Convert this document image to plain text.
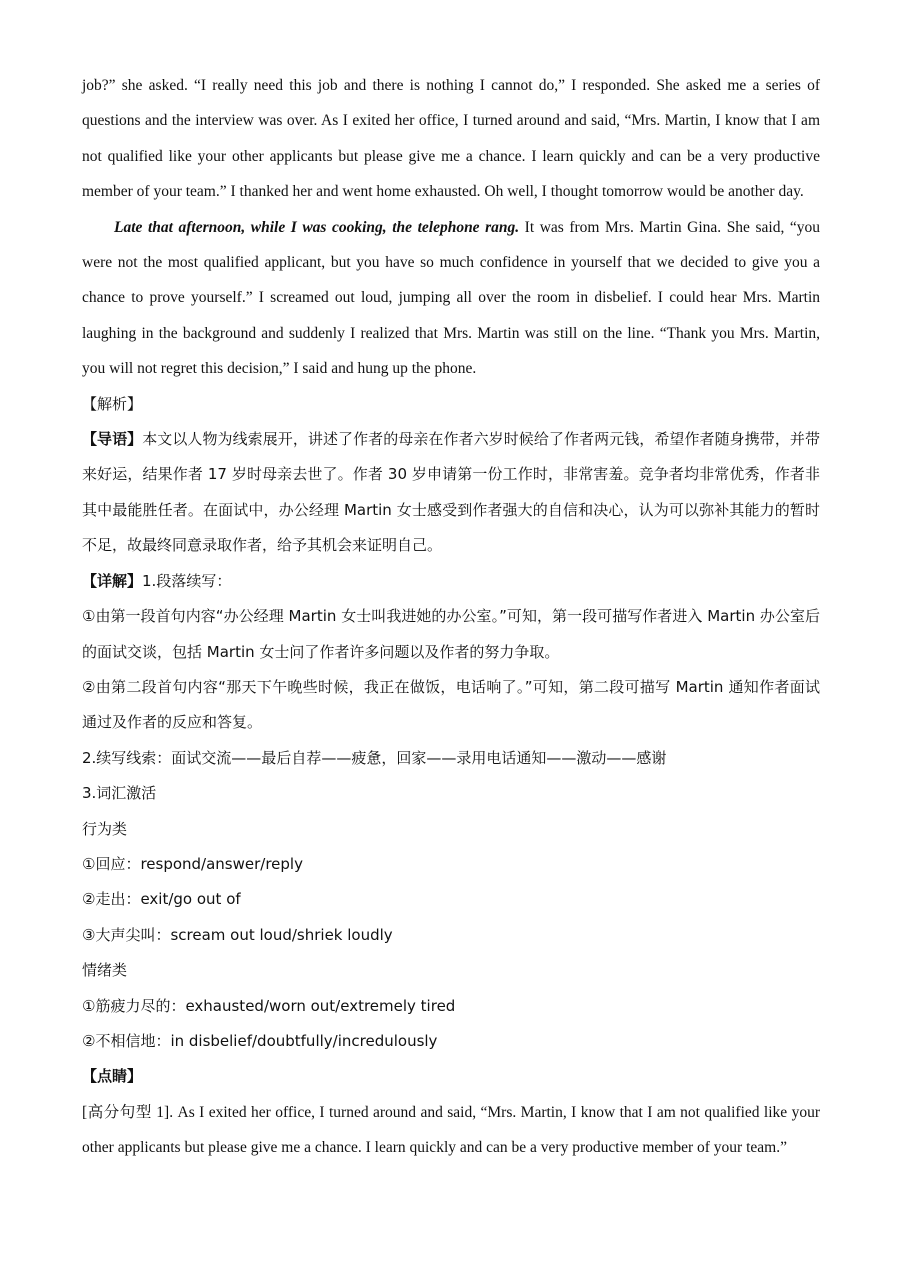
job?” she asked. “I really need this job and there is nothing I cannot do,” I responded. She asked me a series of questions and the interview was over. As I exited her office, I turned around and said, “Mrs. Martin, I know that I am not qualified like your other applicants but please give me a chance. I learn quickly and can be a very productive member of your team.” I thanked her and went home exhausted. Oh well, I thought tomorrow would be another day.

Late that afternoon, while I was cooking, the telephone rang. It was from Mrs. Martin Gina. She said, “you were not the most qualified applicant, but you have so much confidence in yourself that we decided to give you a chance to prove yourself.” I screamed out loud, jumping all over the room in disbelief. I could hear Mrs. Martin laughing in the background and suddenly I realized that Mrs. Martin was still on the line. “Thank you Mrs. Martin, you will not regret this decision,” I said and hung up the phone.

【解析】

【导语】本文以人物为线索展开，讲述了作者的母亲在作者六岁时候给了作者两元钱，希望作者随身携带，并带来好运，结果作者 17 岁时母亲去世了。作者 30 岁申请第一份工作时，非常害羞。竞争者均非常优秀，作者非其中最能胜任者。在面试中，办公经理 Martin 女士感受到作者强大的自信和决心，认为可以弥补其能力的暂时不足，故最终同意录取作者，给予其机会来证明自己。

【详解】1.段落续写：

①由第一段首句内容“办公经理 Martin 女士叫我进她的办公室。”可知，第一段可描写作者进入 Martin 办公室后的面试交谈，包括 Martin 女士问了作者许多问题以及作者的努力争取。

②由第二段首句内容“那天下午晚些时候，我正在做饭，电话响了。”可知，第二段可描写 Martin 通知作者面试通过及作者的反应和答复。

2.续写线索：面试交流——最后自荐——疲惫，回家——录用电话通知——激动——感谢

3.词汇激活

行为类

①回应：respond/answer/reply

②走出：exit/go out of

③大声尖叫：scream out loud/shriek loudly

情绪类

①筋疲力尽的：exhausted/worn out/extremely tired

②不相信地：in disbelief/doubtfully/incredulously

【点睛】

[高分句型 1]. As I exited her office, I turned around and said, “Mrs. Martin, I know that I am not qualified like your other applicants but please give me a chance. I learn quickly and can be a very productive member of your team.”
